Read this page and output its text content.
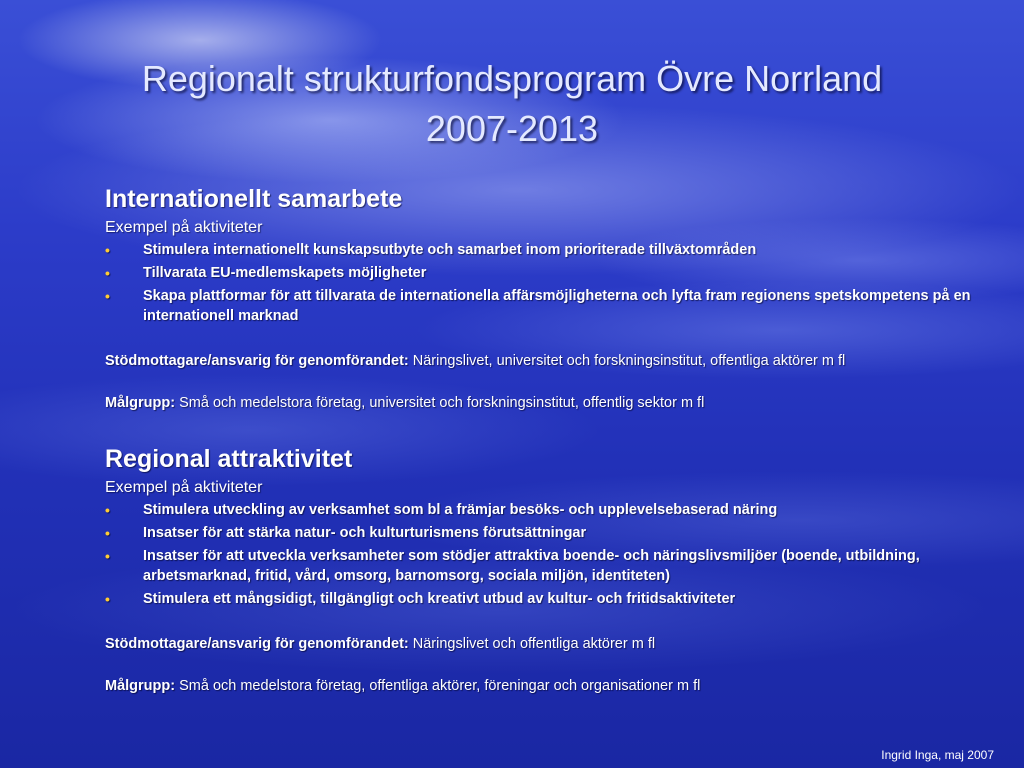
Regionalt strukturfondsprogram Övre Norrland
2007-2013
Internationellt samarbete
Exempel på aktiviteter
• Stimulera internationellt kunskapsutbyte och samarbet inom prioriterade tillväxtområden
• Tillvarata EU-medlemskapets möjligheter
• Skapa plattformar för att tillvarata de internationella affärsmöjligheterna och lyfta fram regionens spetskompetens på en internationell marknad

Stödmottagare/ansvarig för genomförandet: Näringslivet, universitet och forskningsinstitut, offentliga aktörer m fl

Målgrupp: Små och medelstora företag, universitet och forskningsinstitut, offentlig sektor m fl

Regional attraktivitet
Exempel på aktiviteter
• Stimulera utveckling av verksamhet som bl a främjar besöks- och upplevelsebaserad näring
• Insatser för att stärka natur- och kulturturismens förutsättningar
• Insatser för att utveckla verksamheter som stödjer attraktiva boende- och näringslivsmiljöer (boende, utbildning, arbetsmarknad, fritid, vård, omsorg, barnomsorg, sociala miljön, identiteten)
• Stimulera ett mångsidigt, tillgängligt och kreativt utbud av kultur- och fritidsaktiviteter

Stödmottagare/ansvarig för genomförandet: Näringslivet och offentliga aktörer m fl

Målgrupp: Små och medelstora företag, offentliga aktörer, föreningar och organisationer m fl

Ingrid Inga, maj 2007
